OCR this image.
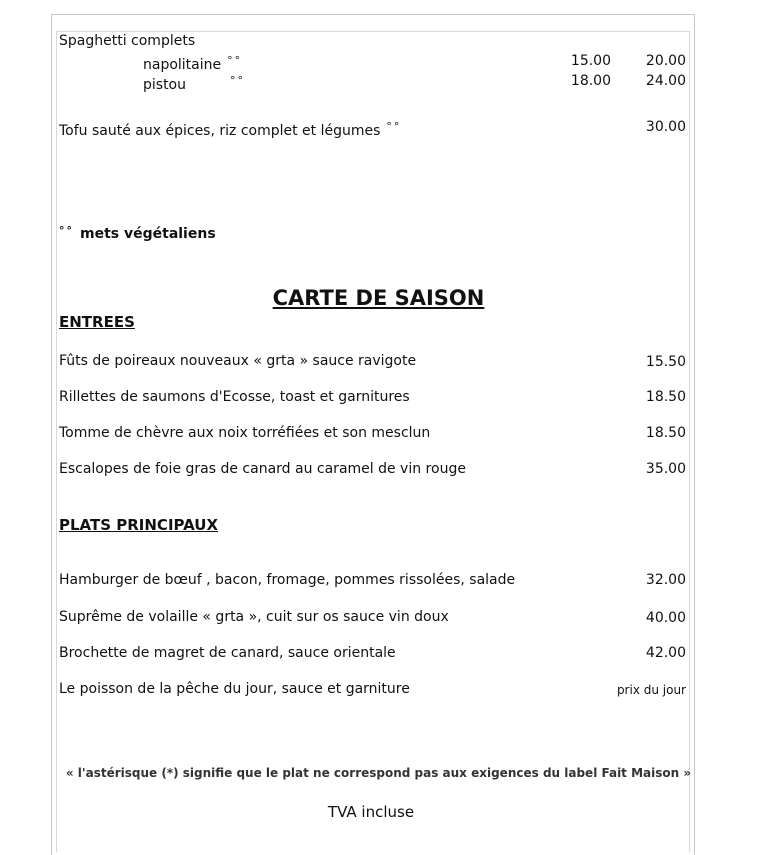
Spaghetti complets
napolitaine °°	15.00 20.00
pistou	°°	18.00 24.00
Tofu sauté aux épices, riz complet et légumes °°	30.00
°° mets végétaliens
CARTE DE SAISON
ENTREES
Fûts de poireaux nouveaux « grta » sauce ravigote	15.50
Rillettes de saumons d'Ecosse, toast et garnitures	18.50
Tomme de chèvre aux noix torréfiées et son mesclun	18.50
Escalopes de foie gras de canard au caramel de vin rouge	35.00
PLATS PRINCIPAUX
Hamburger de bœuf , bacon, fromage, pommes rissolées, salade	32.00
Suprême de volaille « grta », cuit sur os sauce vin doux	40.00
Brochette de magret de canard, sauce orientale	42.00
Le poisson de la pêche du jour, sauce et garniture	prix du jour
« l'astérisque (*) signifie que le plat ne correspond pas aux exigences du label Fait Maison »
TVA incluse
